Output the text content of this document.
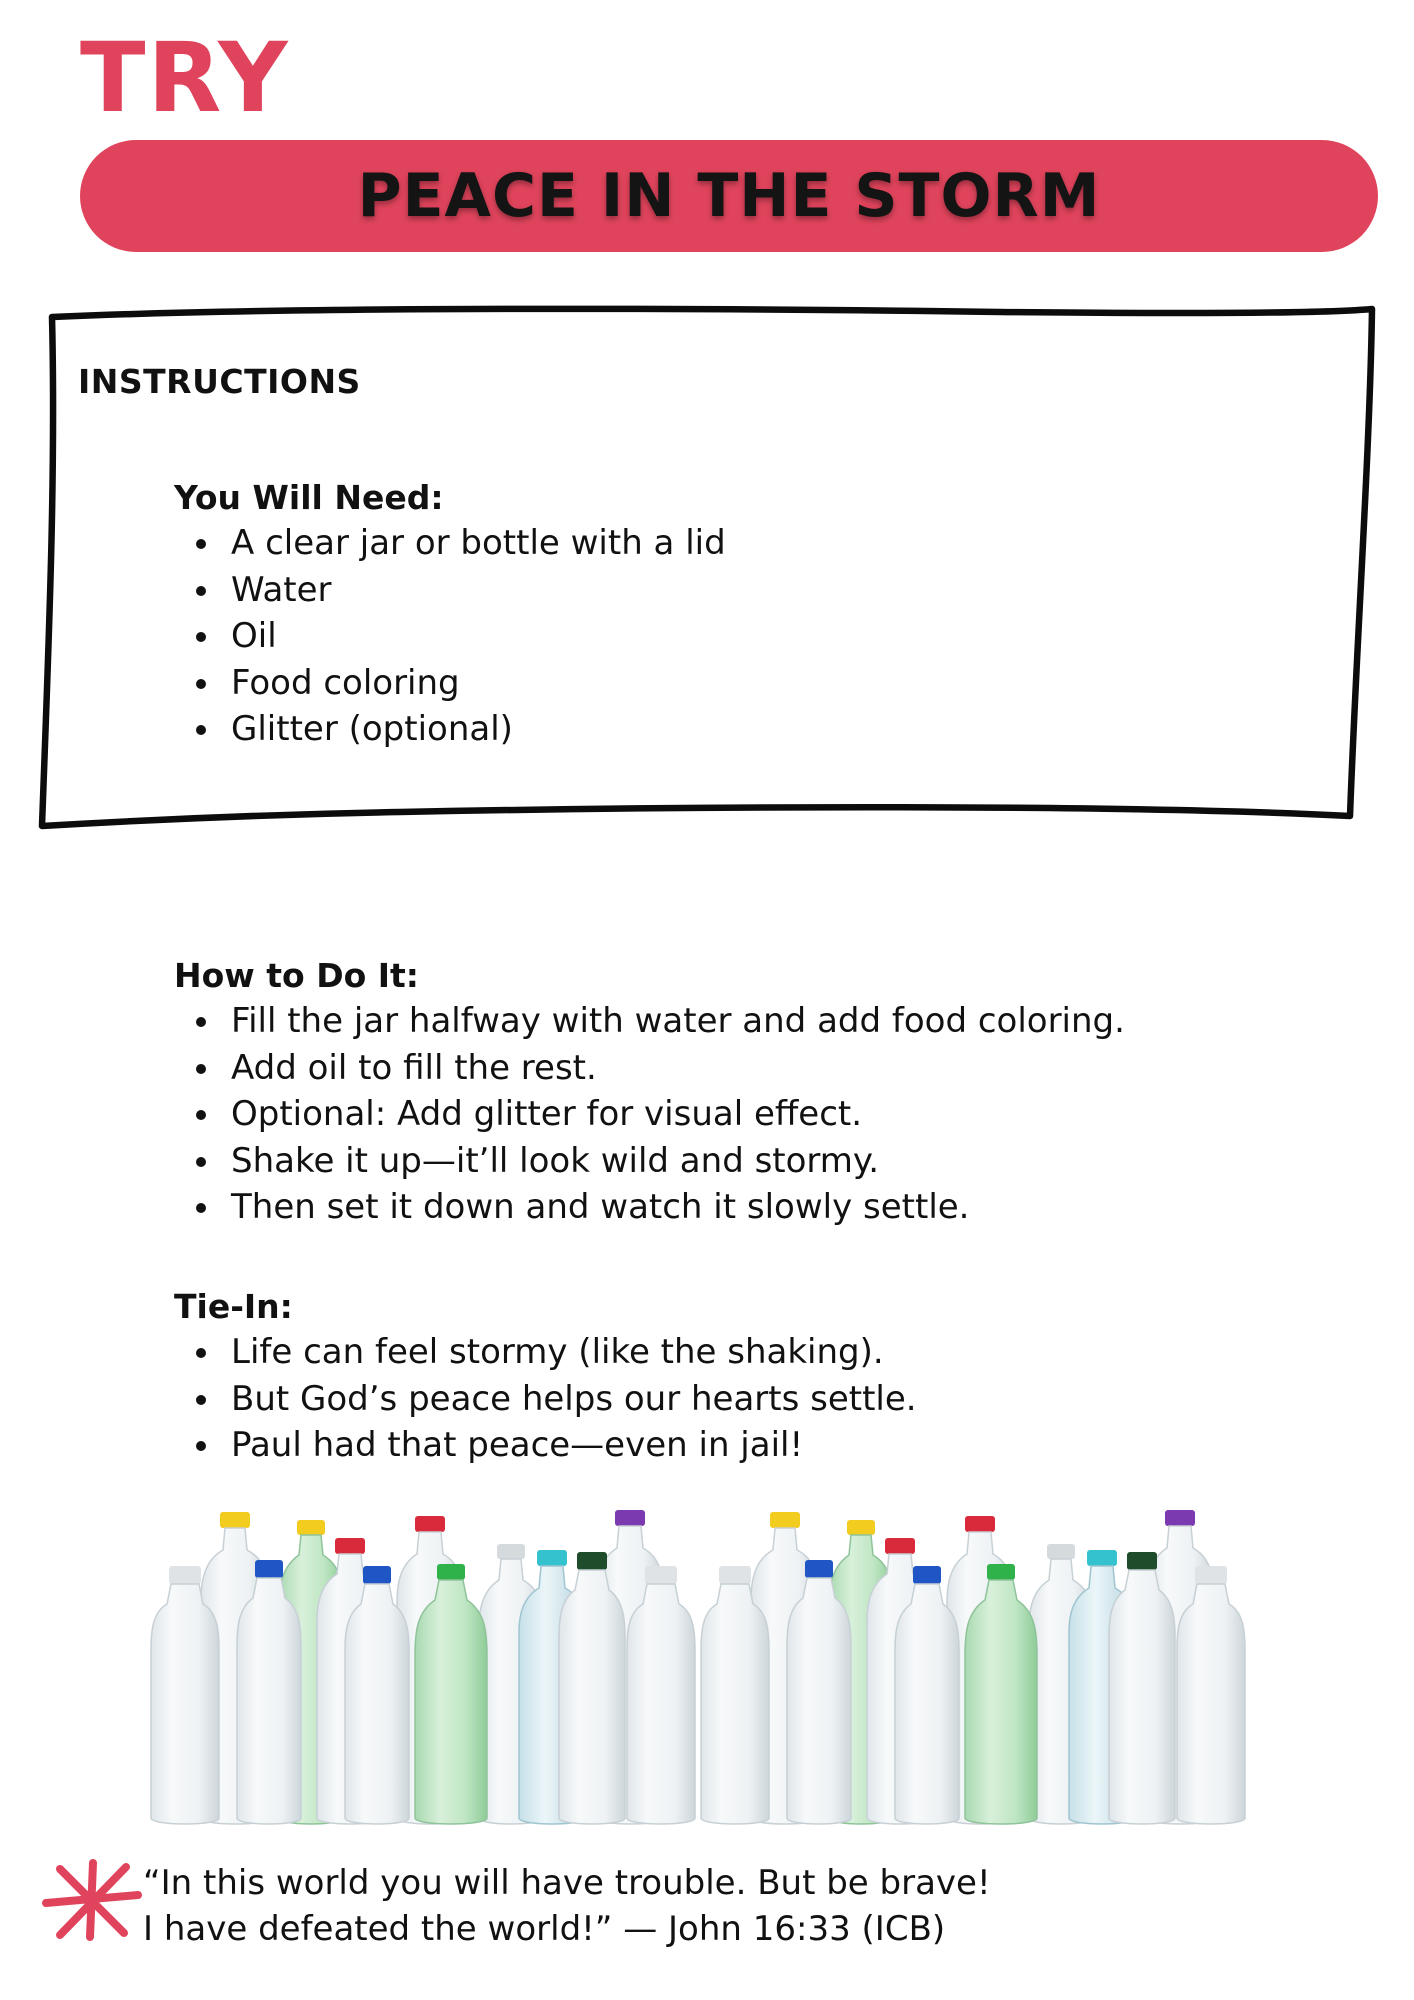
TRY
PEACE IN THE STORM
INSTRUCTIONS
You Will Need:
A clear jar or bottle with a lid
Water
Oil
Food coloring
Glitter (optional)
How to Do It:
Fill the jar halfway with water and add food coloring.
Add oil to fill the rest.
Optional: Add glitter for visual effect.
Shake it up—it’ll look wild and stormy.
Then set it down and watch it slowly settle.
Tie-In:
Life can feel stormy (like the shaking).
But God’s peace helps our hearts settle.
Paul had that peace—even in jail!
“In this world you will have trouble. But be brave!
I have defeated the world!” — John 16:33 (ICB)
